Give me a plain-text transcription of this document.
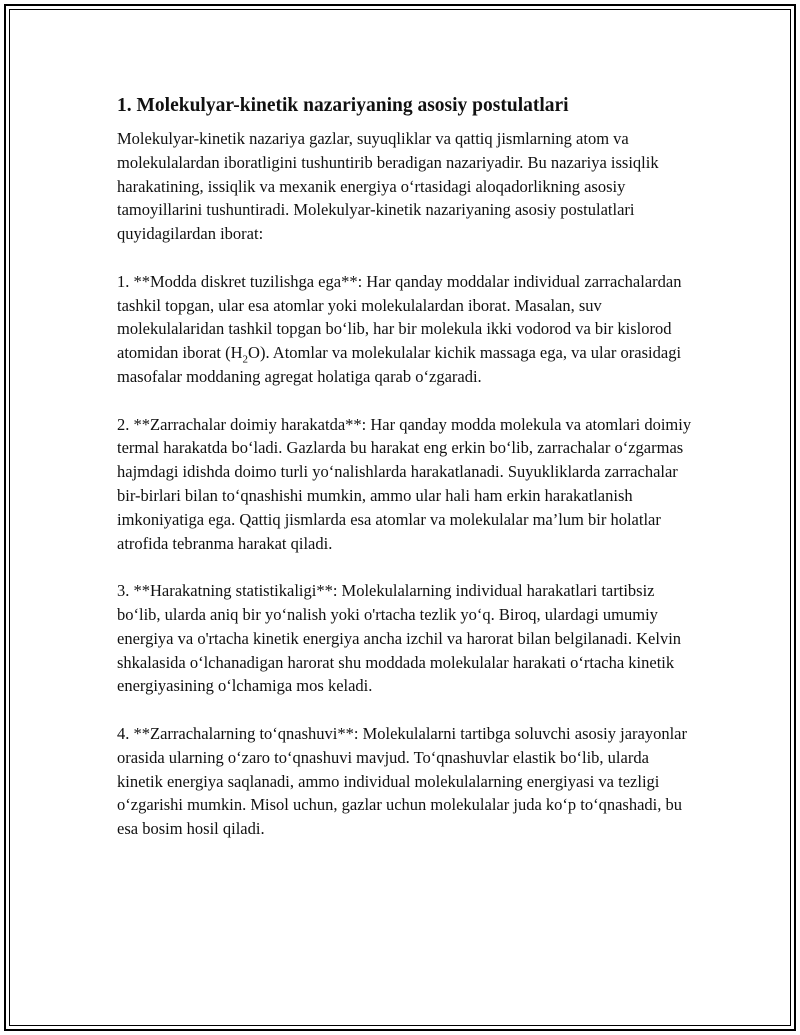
1. Molekulyar-kinetik nazariyaning asosiy postulatlari

Molekulyar-kinetik nazariya gazlar, suyuqliklar va qattiq jismlarning atom va molekulalardan iboratligini tushuntirib beradigan nazariyadir. Bu nazariya issiqlik harakatining, issiqlik va mexanik energiya o‘rtasidagi aloqadorlikning asosiy tamoyillarini tushuntiradi. Molekulyar-kinetik nazariyaning asosiy postulatlari quyidagilardan iborat:

1. **Modda diskret tuzilishga ega**: Har qanday moddalar individual zarrachalardan tashkil topgan, ular esa atomlar yoki molekulalardan iborat. Masalan, suv molekulalaridan tashkil topgan bo‘lib, har bir molekula ikki vodorod va bir kislorod atomidan iborat $(H_2O)$. Atomlar va molekulalar kichik massaga ega, va ular orasidagi masofalar moddaning agregat holatiga qarab o‘zgaradi.

2. **Zarrachalar doimiy harakatda**: Har qanday modda molekula va atomlari doimiy termal harakatda bo‘ladi. Gazlarda bu harakat eng erkin bo‘lib, zarrachalar o‘zgarmas hajmdagi idishda doimo turli yo‘nalishlarda harakatlanadi. Suyukliklarda zarrachalar bir-birlari bilan to‘qnashishi mumkin, ammo ular hali ham erkin harakatlanish imkoniyatiga ega. Qattiq jismlarda esa atomlar va molekulalar ma’lum bir holatlar atrofida tebranma harakat qiladi.

3. **Harakatning statistikaligi**: Molekulalarning individual harakatlari tartibsiz bo‘lib, ularda aniq bir yo‘nalish yoki o'rtacha tezlik yo‘q. Biroq, ulardagi umumiy energiya va o'rtacha kinetik energiya ancha izchil va harorat bilan belgilanadi. Kelvin shkalasida o‘lchanadigan harorat shu moddada molekulalar harakati o‘rtacha kinetik energiyasining o‘lchamiga mos keladi.

4. **Zarrachalarning to‘qnashuvi**: Molekulalarni tartibga soluvchi asosiy jarayonlar orasida ularning o‘zaro to‘qnashuvi mavjud. To‘qnashuvlar elastik bo‘lib, ularda kinetik energiya saqlanadi, ammo individual molekulalarning energiyasi va tezligi o‘zgarishi mumkin. Misol uchun, gazlar uchun molekulalar juda ko‘p to‘qnashadi, bu esa bosim hosil qiladi.
